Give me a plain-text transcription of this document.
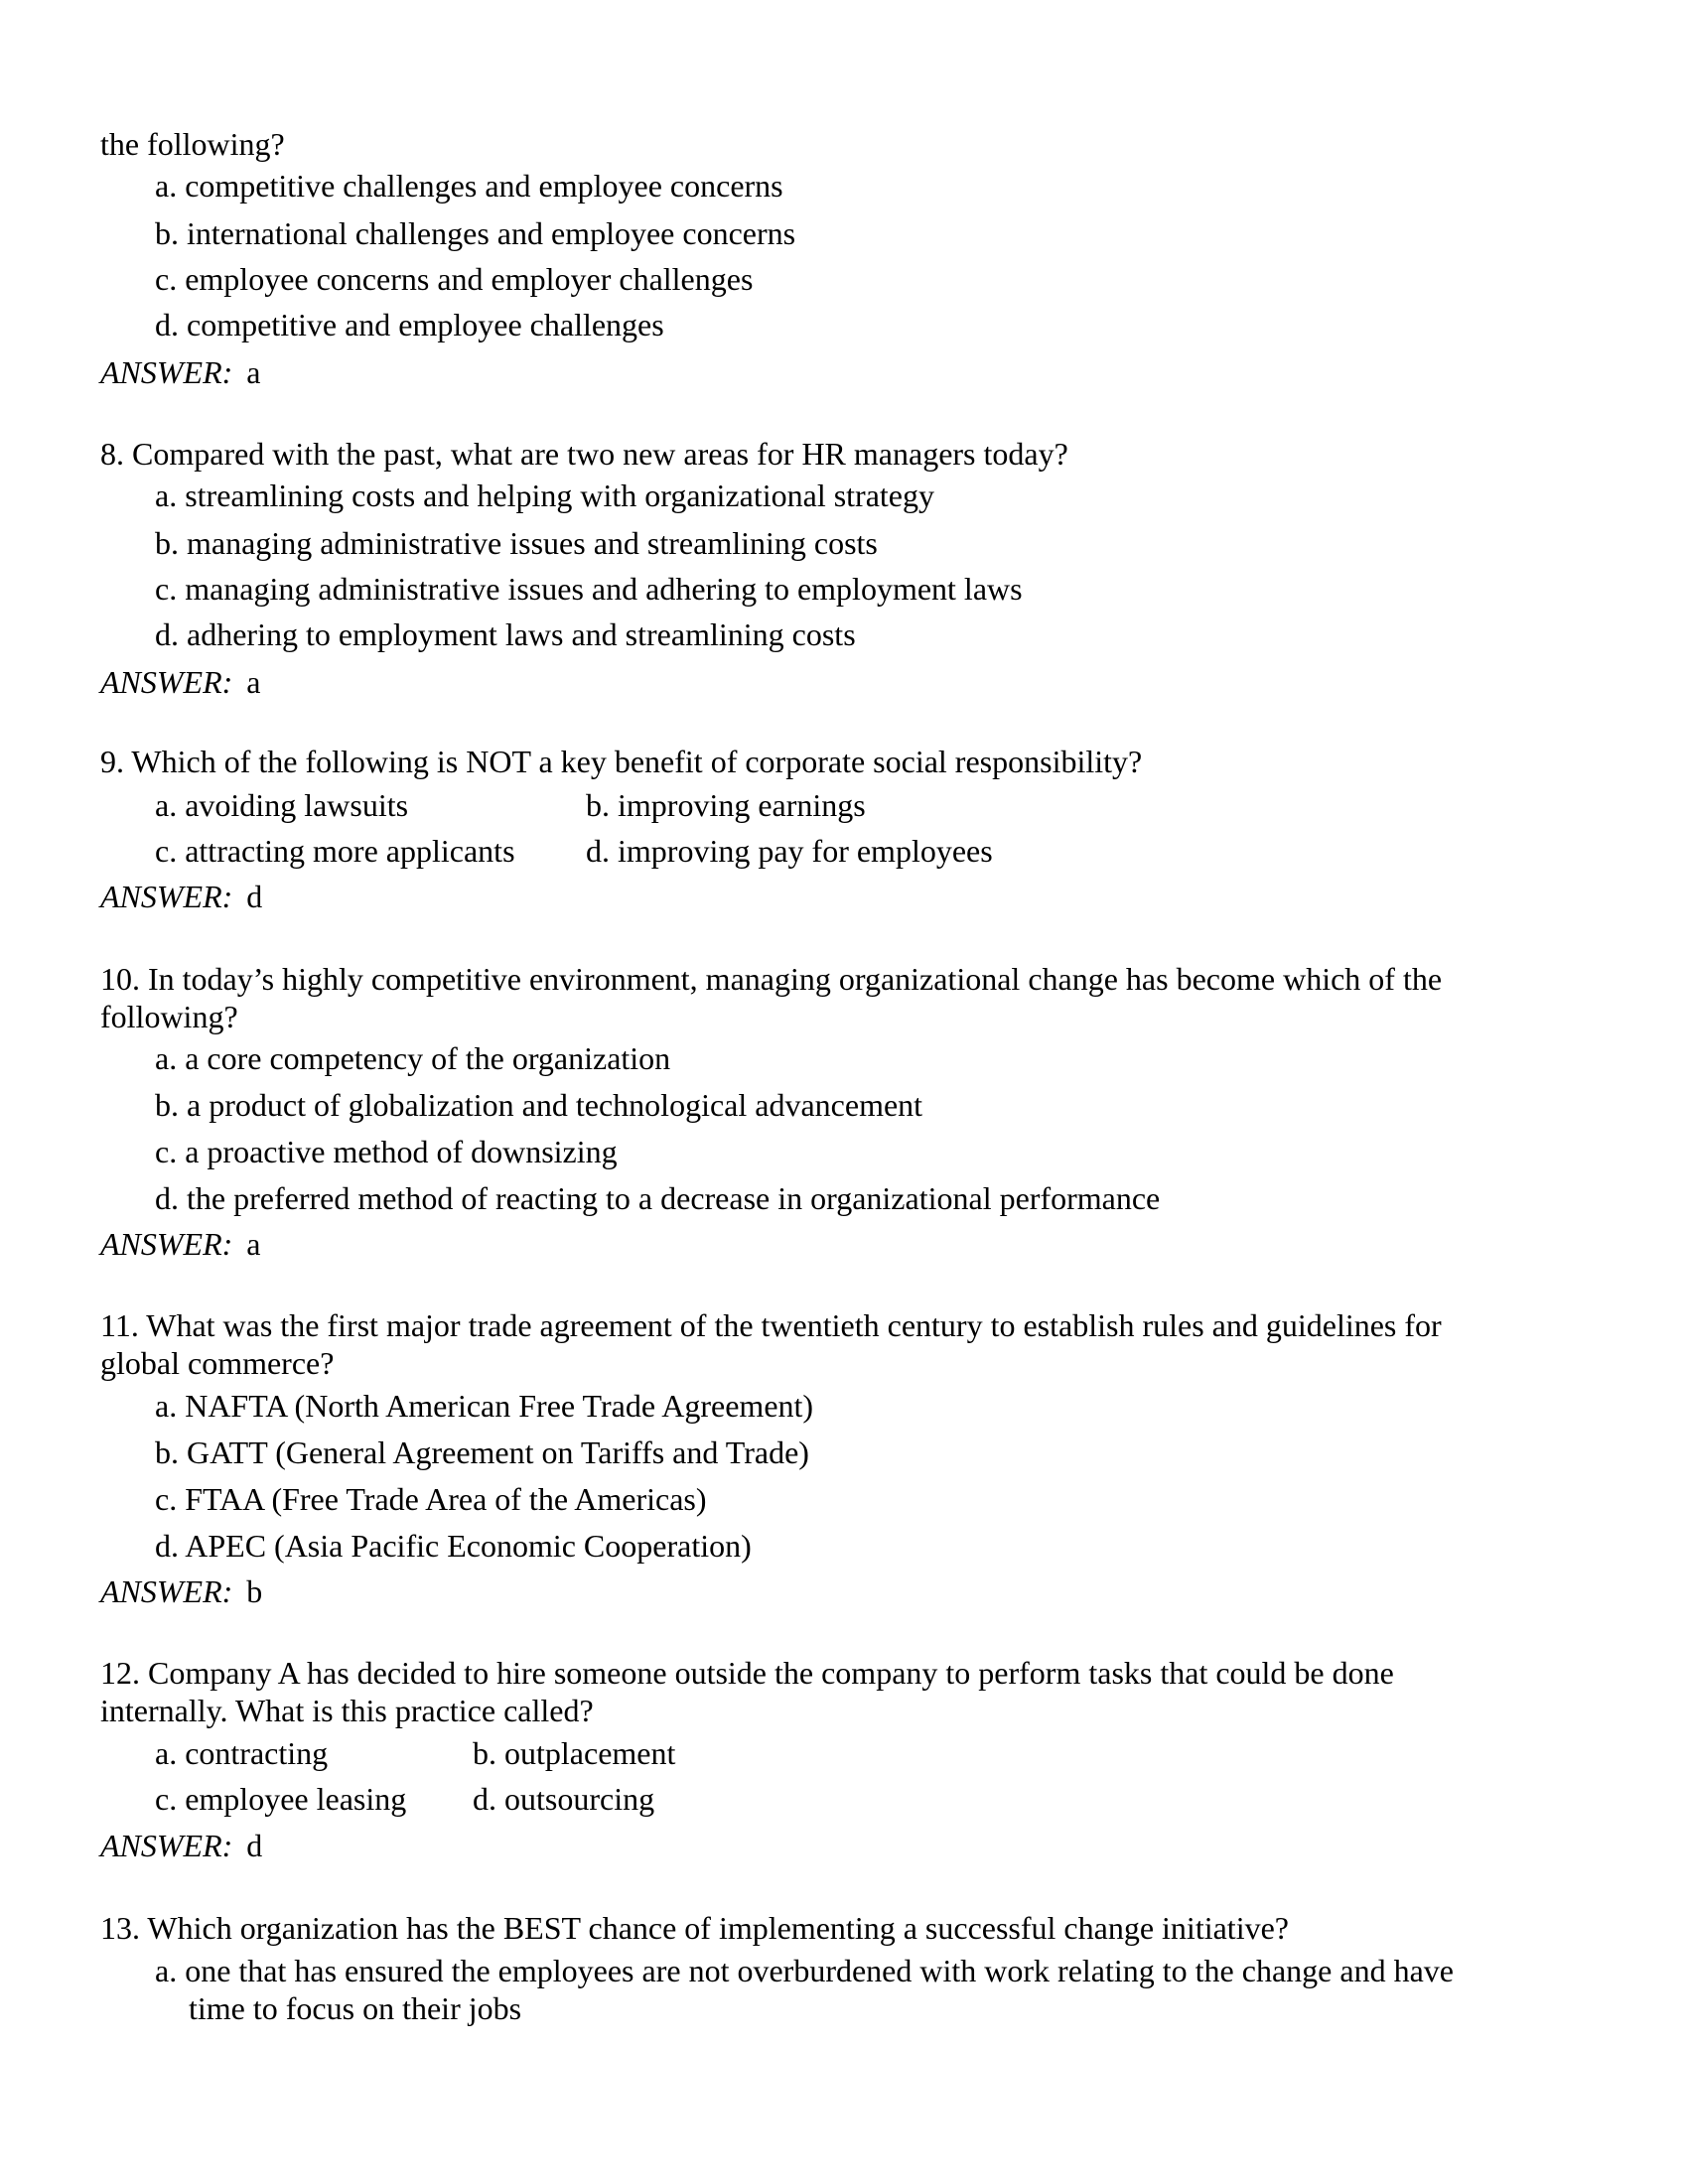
the following?
a. competitive challenges and employee concerns
b. international challenges and employee concerns
c. employee concerns and employer challenges
d. competitive and employee challenges
ANSWER: a
8. Compared with the past, what are two new areas for HR managers today?
a. streamlining costs and helping with organizational strategy
b. managing administrative issues and streamlining costs
c. managing administrative issues and adhering to employment laws
d. adhering to employment laws and streamlining costs
ANSWER: a
9. Which of the following is NOT a key benefit of corporate social responsibility?
a. avoiding lawsuits	b. improving earnings
c. attracting more applicants d. improving pay for employees
ANSWER: d
10. In today’s highly competitive environment, managing organizational change has become which of the
following?
a. a core competency of the organization
b. a product of globalization and technological advancement
c. a proactive method of downsizing
d. the preferred method of reacting to a decrease in organizational performance
ANSWER: a
11. What was the first major trade agreement of the twentieth century to establish rules and guidelines for
global commerce?
a. NAFTA (North American Free Trade Agreement)
b. GATT (General Agreement on Tariffs and Trade)
c. FTAA (Free Trade Area of the Americas)
d. APEC (Asia Pacific Economic Cooperation)
ANSWER: b
12. Company A has decided to hire someone outside the company to perform tasks that could be done
internally. What is this practice called?
a. contracting	b. outplacement
c. employee leasing d. outsourcing
ANSWER: d
13. Which organization has the BEST chance of implementing a successful change initiative?
a. one that has ensured the employees are not overburdened with work relating to the change and have
time to focus on their jobs
